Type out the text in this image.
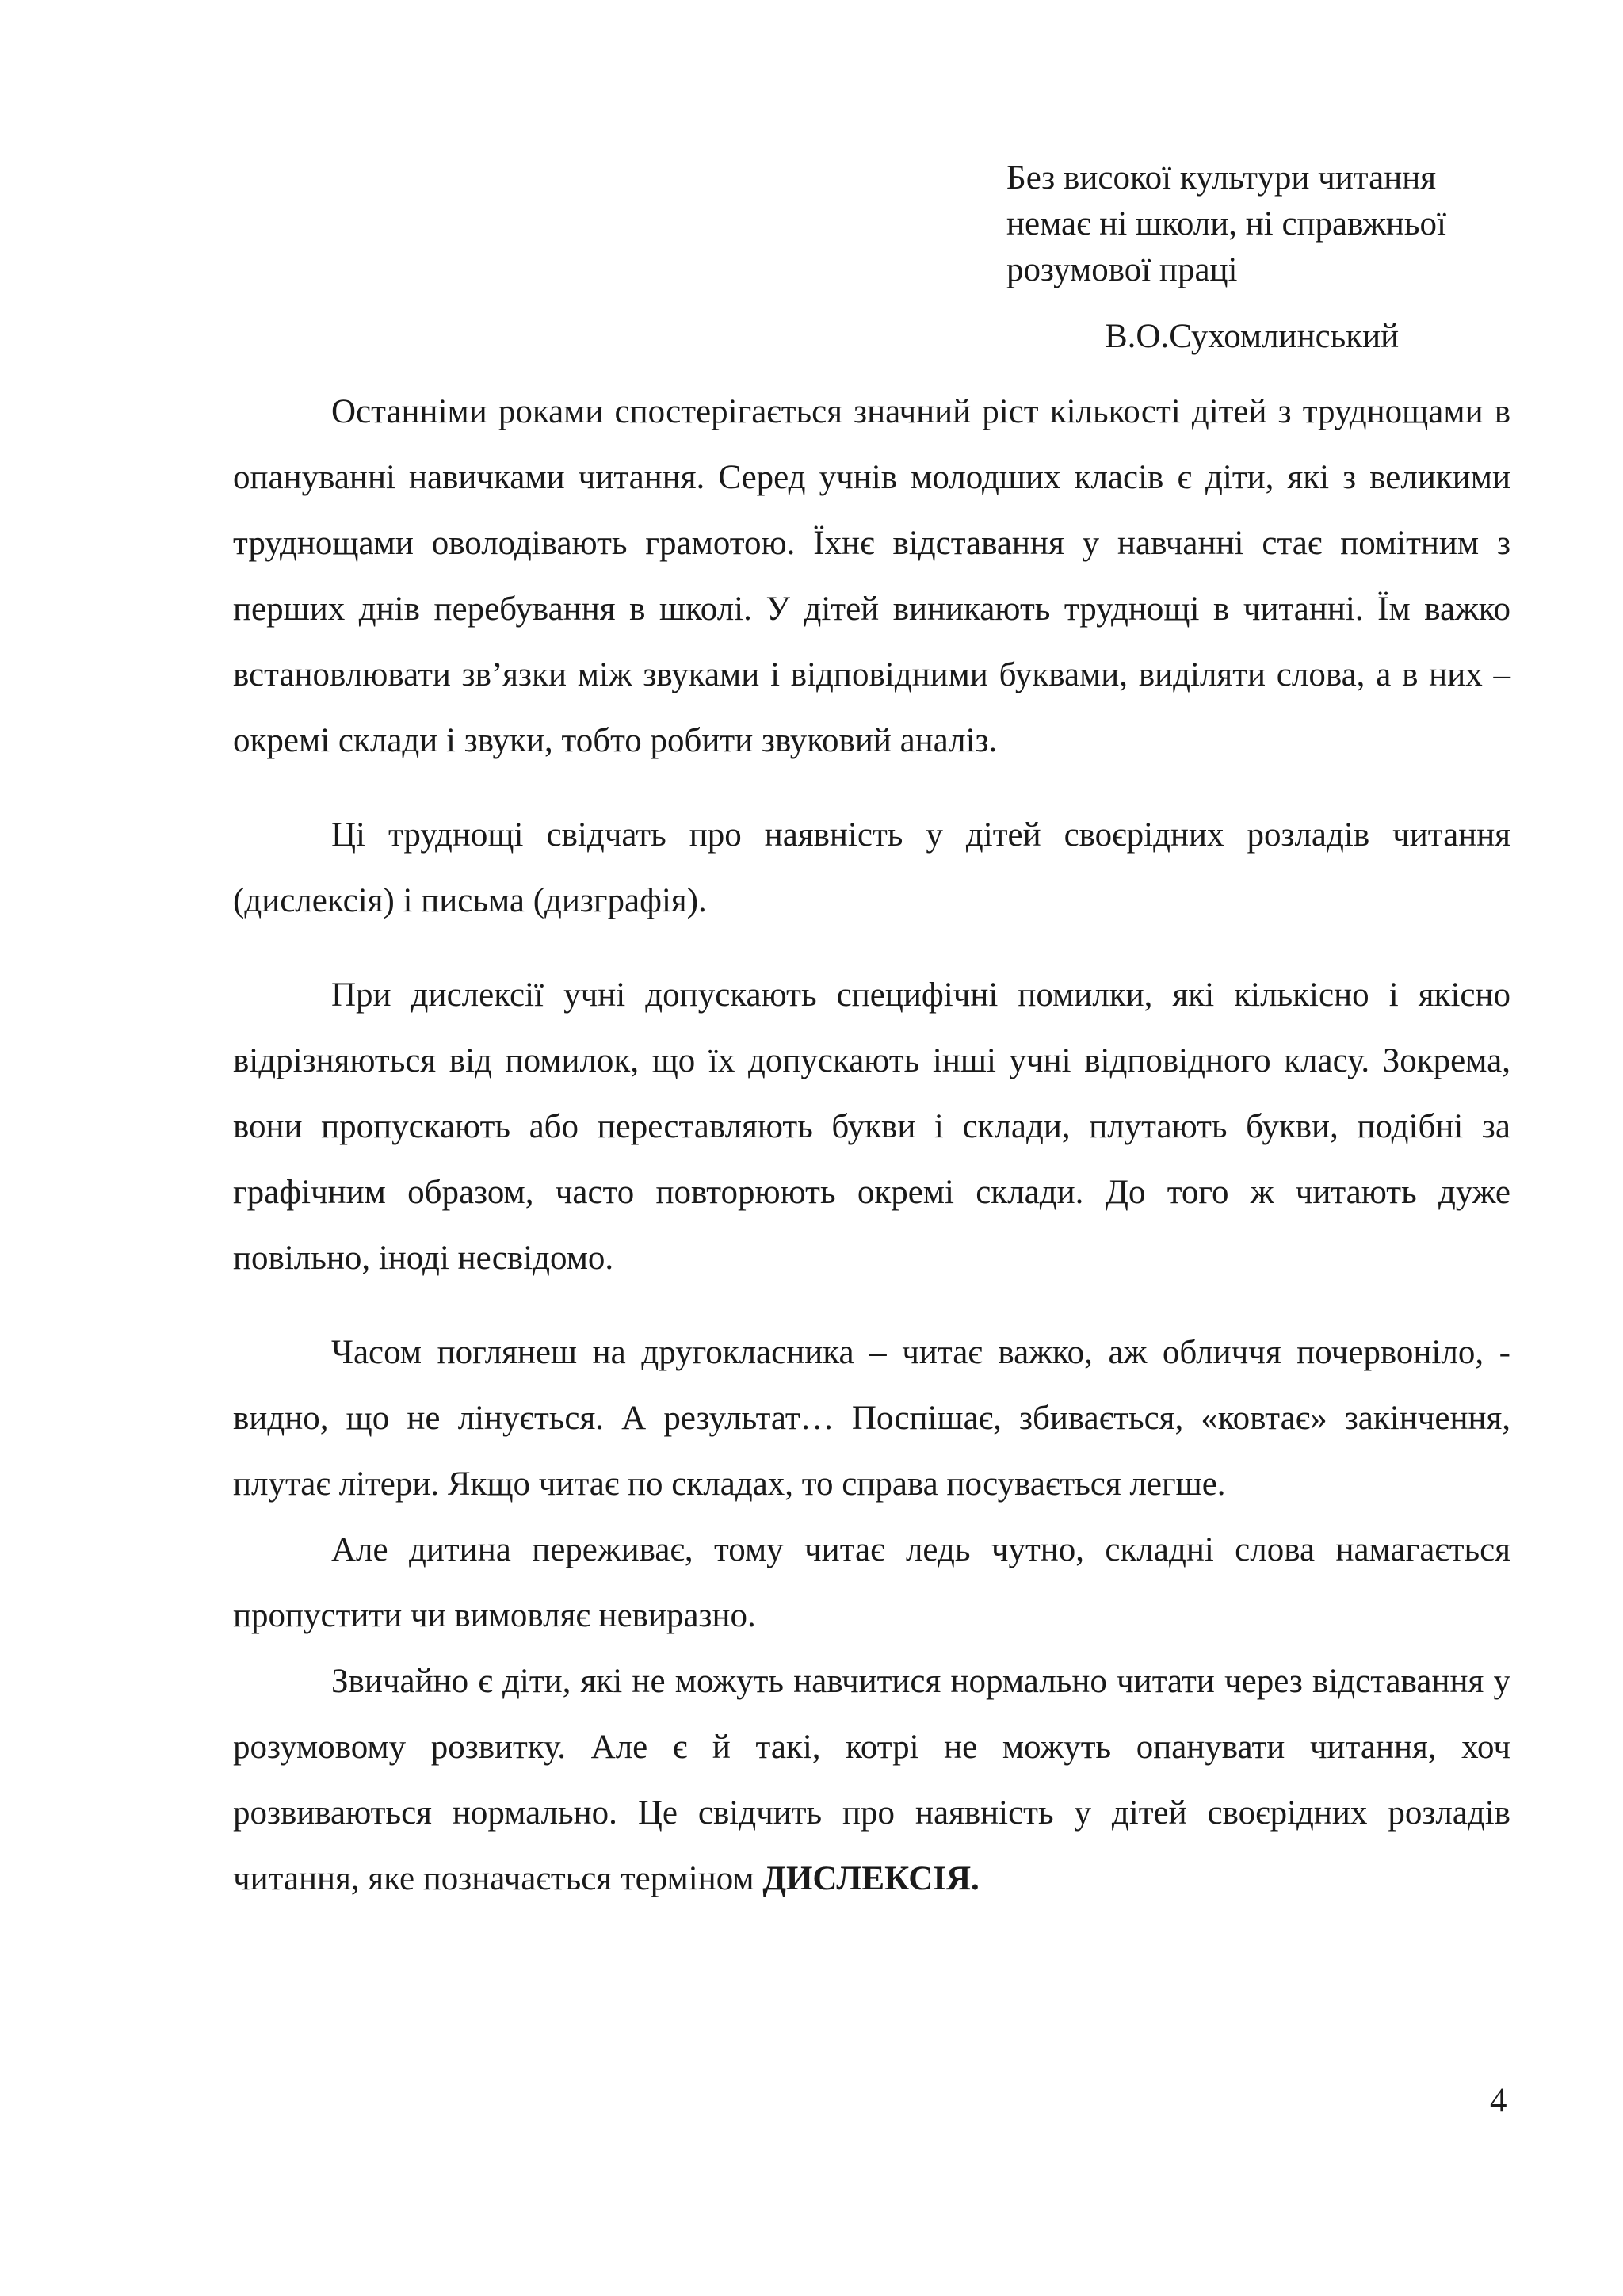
Без високої культури читання
немає ні школи, ні справжньої
розумової праці
В.О.Сухомлинський

Останніми роками спостерігається значний ріст кількості дітей з труднощами в опануванні навичками читання. Серед учнів молодших класів є діти, які з великими труднощами оволодівають грамотою. Їхнє відставання у навчанні стає помітним з перших днів перебування в школі. У дітей виникають труднощі в читанні. Їм важко встановлювати зв’язки між звуками і відповідними буквами, виділяти слова, а в них – окремі склади і звуки, тобто робити звуковий аналіз.

Ці труднощі свідчать про наявність у дітей своєрідних розладів читання (дислексія) і письма (дизграфія).

При дислексії учні допускають специфічні помилки, які кількісно і якісно відрізняються від помилок, що їх допускають інші учні відповідного класу. Зокрема, вони пропускають або переставляють букви і склади, плутають букви, подібні за графічним образом, часто повторюють окремі склади. До того ж читають дуже повільно, іноді несвідомо.

Часом поглянеш на другокласника – читає важко, аж обличчя почервоніло, - видно, що не лінується. А результат… Поспішає, збивається, «ковтає» закінчення, плутає літери. Якщо читає по складах, то справа посувається легше.

Але дитина переживає, тому читає ледь чутно, складні слова намагається пропустити чи вимовляє невиразно.

Звичайно є діти, які не можуть навчитися нормально читати через відставання у розумовому розвитку. Але є й такі, котрі не можуть опанувати читання, хоч розвиваються нормально. Це свідчить про наявність у дітей своєрідних розладів читання, яке позначається терміном ДИСЛЕКСІЯ.

4
